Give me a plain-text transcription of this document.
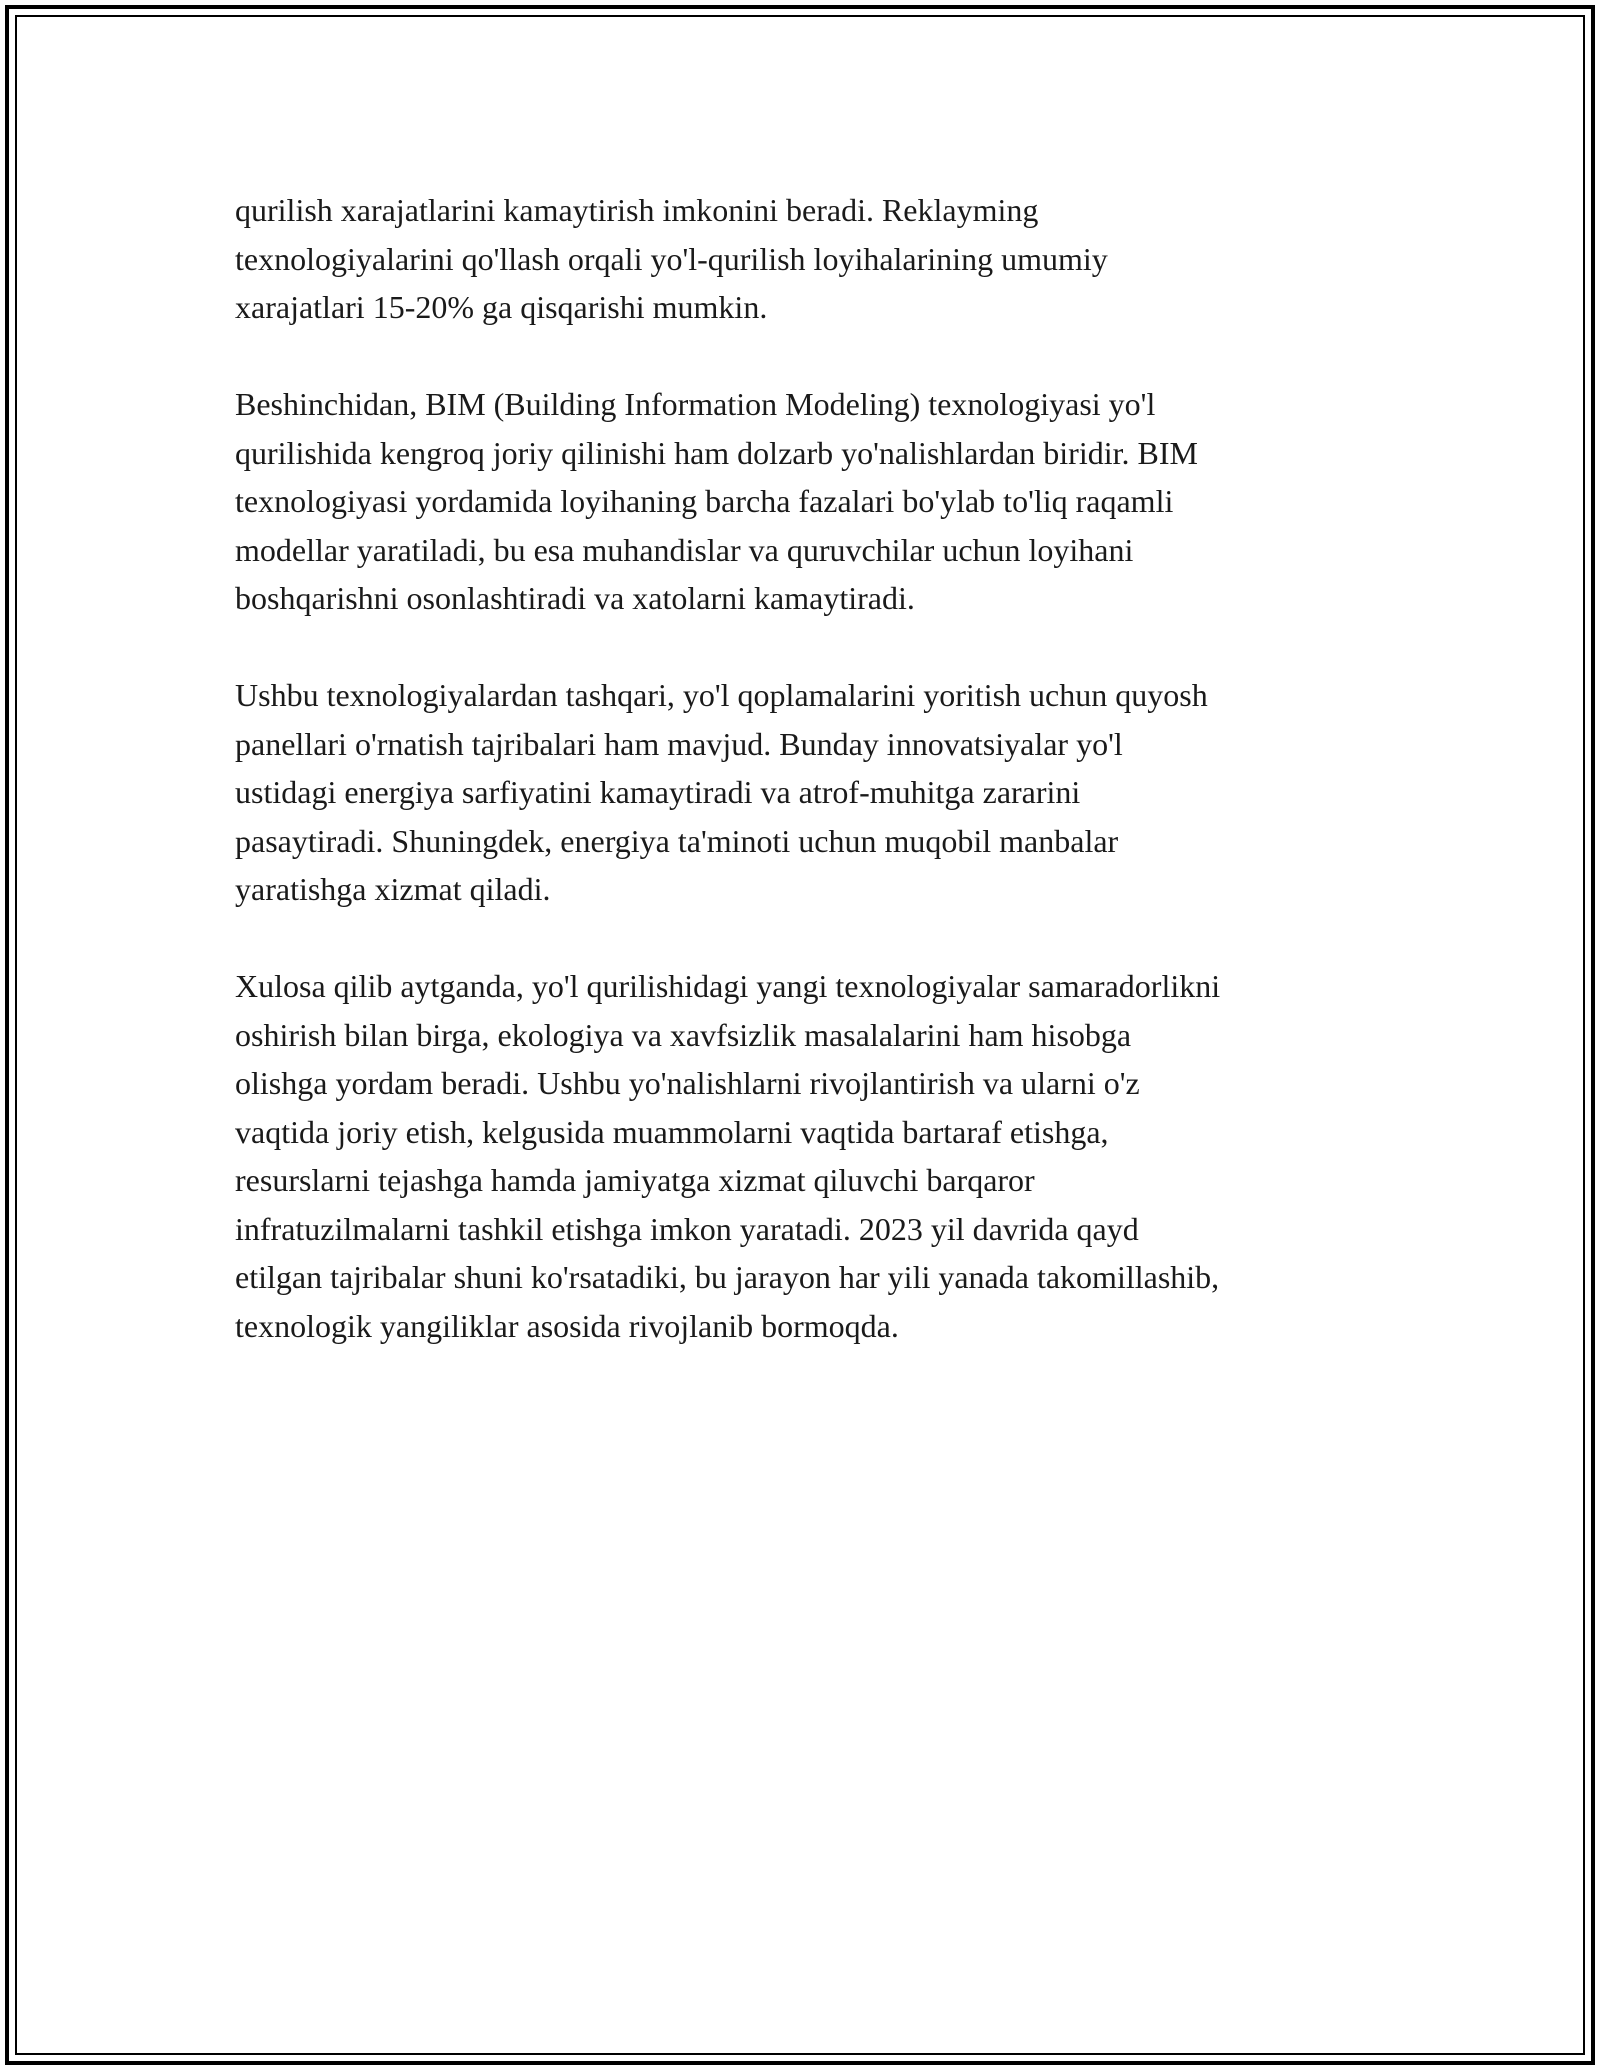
qurilish xarajatlarini kamaytirish imkonini beradi. Reklayming
texnologiyalarini qo'llash orqali yo'l-qurilish loyihalarining umumiy
xarajatlari 15-20% ga qisqarishi mumkin.

Beshinchidan, BIM (Building Information Modeling) texnologiyasi yo'l
qurilishida kengroq joriy qilinishi ham dolzarb yo'nalishlardan biridir. BIM
texnologiyasi yordamida loyihaning barcha fazalari bo'ylab to'liq raqamli
modellar yaratiladi, bu esa muhandislar va quruvchilar uchun loyihani
boshqarishni osonlashtiradi va xatolarni kamaytiradi.

Ushbu texnologiyalardan tashqari, yo'l qoplamalarini yoritish uchun quyosh
panellari o'rnatish tajribalari ham mavjud. Bunday innovatsiyalar yo'l
ustidagi energiya sarfiyatini kamaytiradi va atrof-muhitga zararini
pasaytiradi. Shuningdek, energiya ta'minoti uchun muqobil manbalar
yaratishga xizmat qiladi.

Xulosa qilib aytganda, yo'l qurilishidagi yangi texnologiyalar samaradorlikni
oshirish bilan birga, ekologiya va xavfsizlik masalalarini ham hisobga
olishga yordam beradi. Ushbu yo'nalishlarni rivojlantirish va ularni o'z
vaqtida joriy etish, kelgusida muammolarni vaqtida bartaraf etishga,
resurslarni tejashga hamda jamiyatga xizmat qiluvchi barqaror
infratuzilmalarni tashkil etishga imkon yaratadi. 2023 yil davrida qayd
etilgan tajribalar shuni ko'rsatadiki, bu jarayon har yili yanada takomillashib,
texnologik yangiliklar asosida rivojlanib bormoqda.
